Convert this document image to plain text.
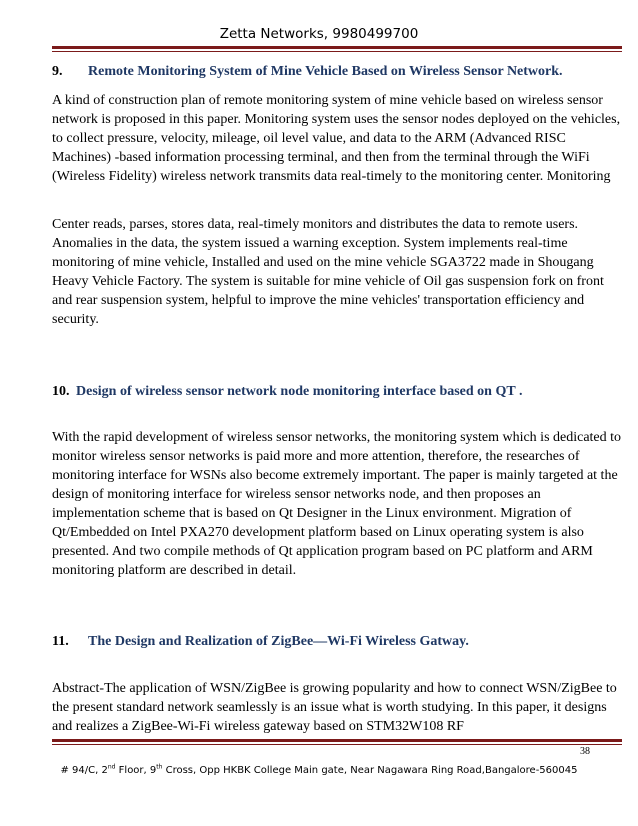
Zetta Networks, 9980499700
9. Remote Monitoring System of Mine Vehicle Based on Wireless Sensor Network.

A kind of construction plan of remote monitoring system of mine vehicle based on wireless sensor network is proposed in this paper. Monitoring system uses the sensor nodes deployed on the vehicles, to collect pressure, velocity, mileage, oil level value, and data to the ARM (Advanced RISC Machines) -based information processing terminal, and then from the terminal through the WiFi (Wireless Fidelity) wireless network transmits data real-timely to the monitoring center. Monitoring

Center reads, parses, stores data, real-timely monitors and distributes the data to remote users. Anomalies in the data, the system issued a warning exception. System implements real-time monitoring of mine vehicle, Installed and used on the mine vehicle SGA3722 made in Shougang Heavy Vehicle Factory. The system is suitable for mine vehicle of Oil gas suspension fork on front and rear suspension system, helpful to improve the mine vehicles' transportation efficiency and security.

10. Design of wireless sensor network node monitoring interface based on QT .

With the rapid development of wireless sensor networks, the monitoring system which is dedicated to monitor wireless sensor networks is paid more and more attention, therefore, the researches of monitoring interface for WSNs also become extremely important. The paper is mainly targeted at the design of monitoring interface for wireless sensor networks node, and then proposes an implementation scheme that is based on Qt Designer in the Linux environment. Migration of Qt/Embedded on Intel PXA270 development platform based on Linux operating system is also presented. And two compile methods of Qt application program based on PC platform and ARM monitoring platform are described in detail.

11. The Design and Realization of ZigBee—Wi-Fi Wireless Gatway.

Abstract-The application of WSN/ZigBee is growing popularity and how to connect WSN/ZigBee to the present standard network seamlessly is an issue what is worth studying. In this paper, it designs and realizes a ZigBee-Wi-Fi wireless gateway based on STM32W108 RF

38
# 94/C, 2nd Floor, 9th Cross, Opp HKBK College Main gate, Near Nagawara Ring Road,Bangalore-560045
